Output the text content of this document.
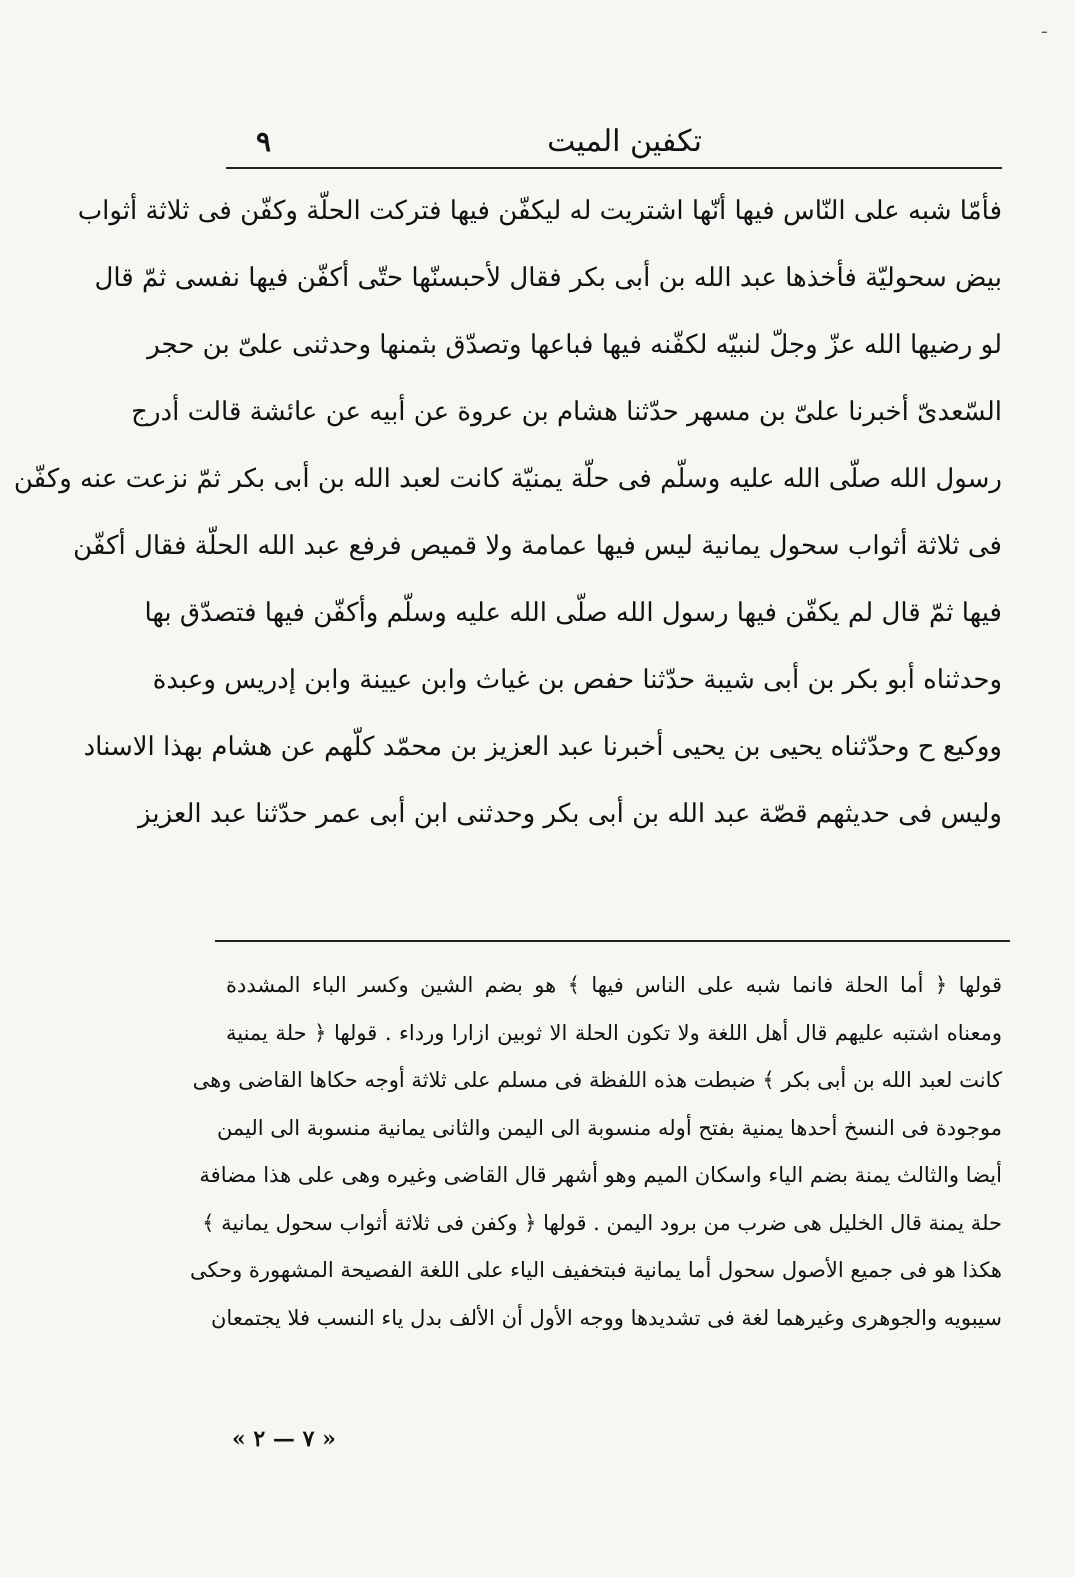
ـ
تكفين الميت
٩
فأمّا شبه على النّاس فيها أنّها اشتريت له ليكفّن فيها فتركت الحلّة وكفّن فى ثلاثة أثواب
بيض سحوليّة فأخذها عبد الله بن أبى بكر فقال لأحبسنّها حتّى أكفّن فيها نفسى ثمّ قال
لو رضيها الله عزّ وجلّ لنبيّه لكفّنه فيها فباعها وتصدّق بثمنها وحدثنى علىّ بن حجر
السّعدىّ أخبرنا علىّ بن مسهر حدّثنا هشام بن عروة عن أبيه عن عائشة قالت أدرج
رسول الله صلّى الله عليه وسلّم فى حلّة يمنيّة كانت لعبد الله بن أبى بكر ثمّ نزعت عنه وكفّن
فى ثلاثة أثواب سحول يمانية ليس فيها عمامة ولا قميص فرفع عبد الله الحلّة فقال أكفّن
فيها ثمّ قال لم يكفّن فيها رسول الله صلّى الله عليه وسلّم وأكفّن فيها فتصدّق بها
وحدثناه أبو بكر بن أبى شيبة حدّثنا حفص بن غياث وابن عيينة وابن إدريس وعبدة
ووكيع ح وحدّثناه يحيى بن يحيى أخبرنا عبد العزيز بن محمّد كلّهم عن هشام بهذا الاسناد
وليس فى حديثهم قصّة عبد الله بن أبى بكر وحدثنى ابن أبى عمر حدّثنا عبد العزيز
قولها ﴿ أما الحلة فانما شبه على الناس فيها ﴾ هو بضم الشين وكسر الباء المشددة
ومعناه اشتبه عليهم قال أهل اللغة ولا تكون الحلة الا ثوبين ازارا ورداء . قولها ﴿ حلة يمنية
كانت لعبد الله بن أبى بكر ﴾ ضبطت هذه اللفظة فى مسلم على ثلاثة أوجه حكاها القاضى وهى
موجودة فى النسخ أحدها يمنية بفتح أوله منسوبة الى اليمن والثانى يمانية منسوبة الى اليمن
أيضا والثالث يمنة بضم الياء واسكان الميم وهو أشهر قال القاضى وغيره وهى على هذا مضافة
حلة يمنة قال الخليل هى ضرب من برود اليمن . قولها ﴿ وكفن فى ثلاثة أثواب سحول يمانية ﴾
هكذا هو فى جميع الأصول سحول أما يمانية فبتخفيف الياء على اللغة الفصيحة المشهورة وحكى
سيبويه والجوهرى وغيرهما لغة فى تشديدها ووجه الأول أن الألف بدل ياء النسب فلا يجتمعان
« ٧ — ٢ »
